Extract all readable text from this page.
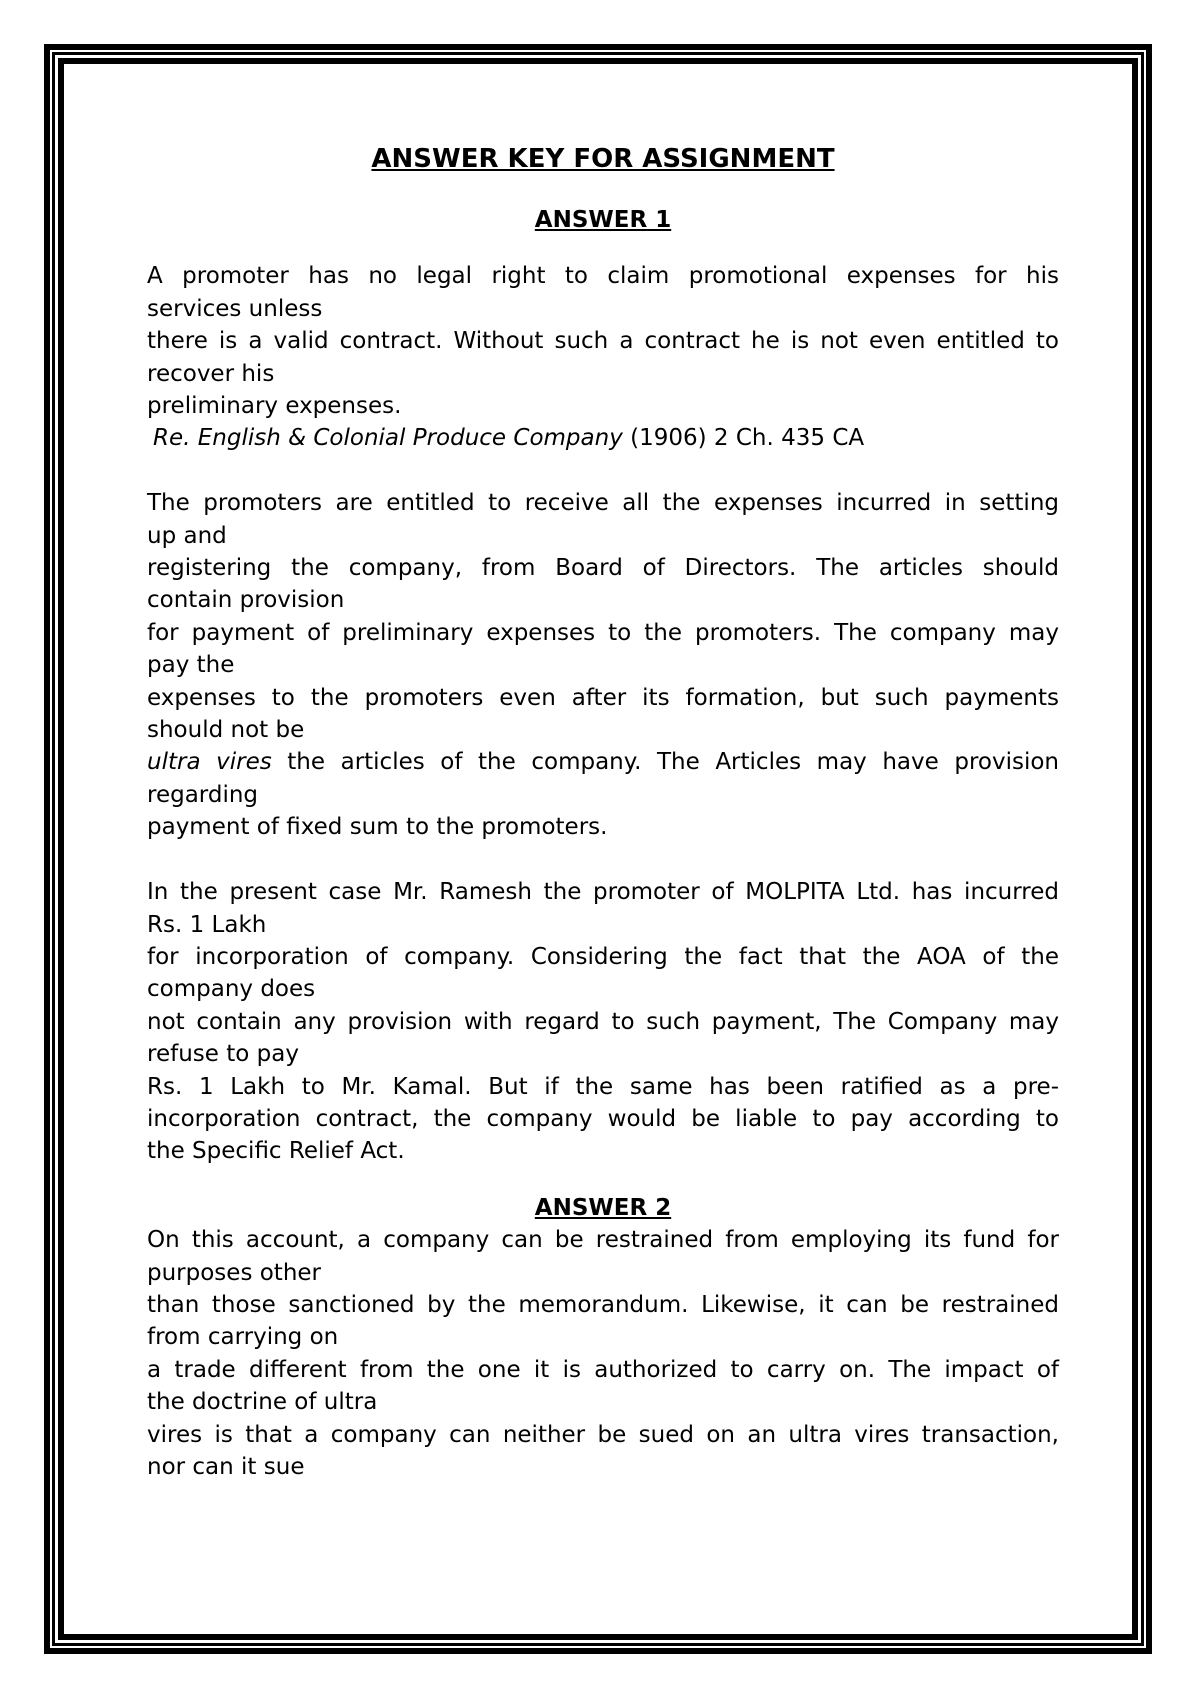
ANSWER KEY FOR ASSIGNMENT
ANSWER 1

A promoter has no legal right to claim promotional expenses for his

services unless

there is a valid contract. Without such a contract he is not even entitled to

recover his

preliminary expenses.

Re. English & Colonial Produce Company (1906) 2 Ch. 435 CA

The promoters are entitled to receive all the expenses incurred in setting

up and

registering the company, from Board of Directors. The articles should

contain provision

for payment of preliminary expenses to the promoters. The company may

pay the

expenses to the promoters even after its formation, but such payments

should not be

ultra vires the articles of the company. The Articles may have provision

regarding

payment of fixed sum to the promoters.

In the present case Mr. Ramesh the promoter of MOLPITA Ltd. has incurred

Rs. 1 Lakh

for incorporation of company. Considering the fact that the AOA of the

company does

not contain any provision with regard to such payment, The Company may

refuse to pay

Rs. 1 Lakh to Mr. Kamal. But if the same has been ratified as a pre-

incorporation contract, the company would be liable to pay according to

the Specific Relief Act.

ANSWER 2

On this account, a company can be restrained from employing its fund for

purposes other

than those sanctioned by the memorandum. Likewise, it can be restrained

from carrying on

a trade different from the one it is authorized to carry on. The impact of

the doctrine of ultra

vires is that a company can neither be sued on an ultra vires transaction,

nor can it sue
